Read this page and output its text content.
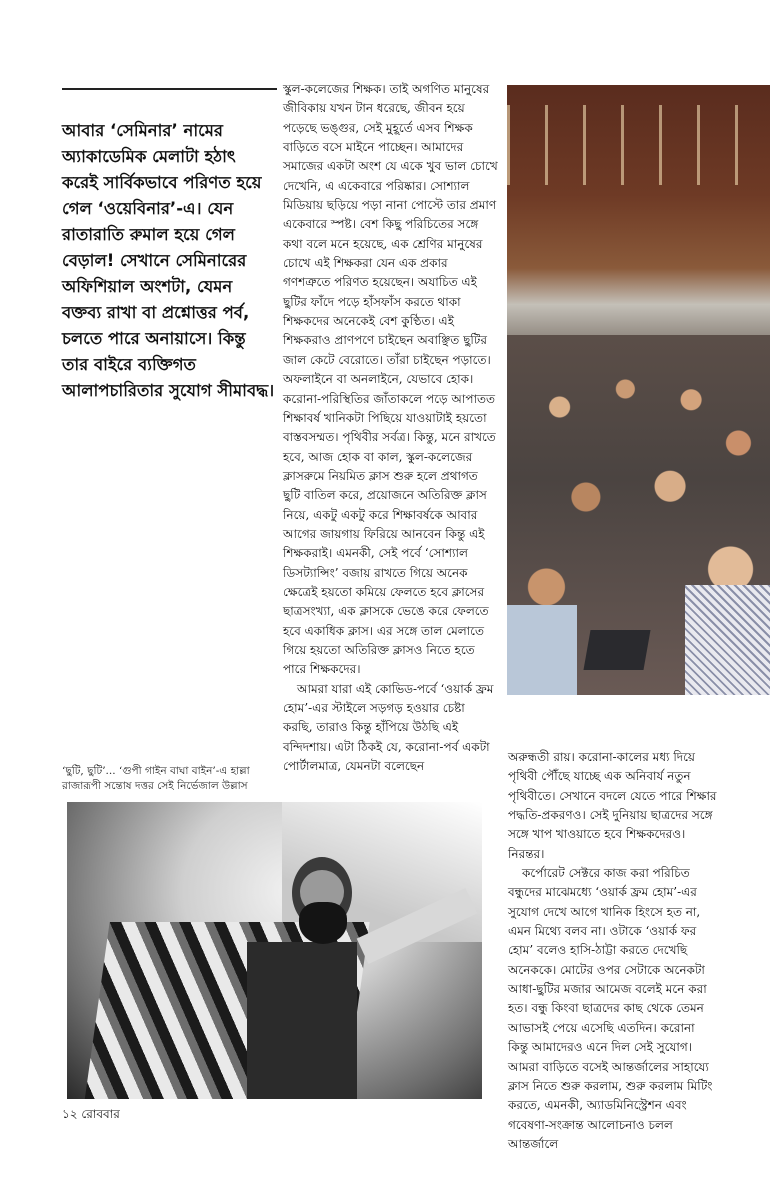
আবার ‘সেমিনার’ নামের অ্যাকাডেমিক মেলাটা হঠাৎ করেই সার্বিকভাবে পরিণত হয়ে গেল ‘ওয়েবিনার’-এ। যেন রাতারাতি রুমাল হয়ে গেল বেড়াল! সেখানে সেমিনারের অফিশিয়াল অংশটা, যেমন বক্তব্য রাখা বা প্রশ্নোত্তর পর্ব, চলতে পারে অনায়াসে। কিন্তু তার বাইরে ব্যক্তিগত আলাপচারিতার সুযোগ সীমাবদ্ধ।

স্কুল-কলেজের শিক্ষক। তাই অগণিত মানুষের জীবিকায় যখন টান ধরেছে, জীবন হয়ে পড়েছে ভঙ্গুর, সেই মুহূর্তে এসব শিক্ষক বাড়িতে বসে মাইনে পাচ্ছেন। আমাদের সমাজের একটা অংশ যে একে খুব ভাল চোখে দেখেনি, এ একেবারে পরিষ্কার। সোশ্যাল মিডিয়ায় ছড়িয়ে পড়া নানা পোস্টে তার প্রমাণ একেবারে স্পষ্ট। বেশ কিছু পরিচিতের সঙ্গে কথা বলে মনে হয়েছে, এক শ্রেণির মানুষের চোখে এই শিক্ষকরা যেন এক প্রকার গণশত্রুতে পরিণত হয়েছেন। অযাচিত এই ছুটির ফাঁদে পড়ে হাঁসফাঁস করতে থাকা শিক্ষকদের অনেকেই বেশ কুণ্ঠিত। এই শিক্ষকরাও প্রাণপণে চাইছেন অবাঞ্ছিত ছুটির জাল কেটে বেরোতে। তাঁরা চাইছেন পড়াতে। অফলাইনে বা অনলাইনে, যেভাবে হোক। করোনা-পরিস্থিতির জাঁতাকলে পড়ে আপাতত শিক্ষাবর্ষ খানিকটা পিছিয়ে যাওয়াটাই হয়তো বাস্তবসম্মত। পৃথিবীর সর্বত্র। কিন্তু, মনে রাখতে হবে, আজ হোক বা কাল, স্কুল-কলেজের ক্লাসরুমে নিয়মিত ক্লাস শুরু হলে প্রথাগত ছুটি বাতিল করে, প্রয়োজনে অতিরিক্ত ক্লাস নিয়ে, একটু একটু করে শিক্ষাবর্ষকে আবার আগের জায়গায় ফিরিয়ে আনবেন কিন্তু এই শিক্ষকরাই। এমনকী, সেই পর্বে ‘সোশ্যাল ডিসট্যান্সিং’ বজায় রাখতে গিয়ে অনেক ক্ষেত্রেই হয়তো কমিয়ে ফেলতে হবে ক্লাসের ছাত্রসংখ্যা, এক ক্লাসকে ভেঙে করে ফেলতে হবে একাধিক ক্লাস। এর সঙ্গে তাল মেলাতে গিয়ে হয়তো অতিরিক্ত ক্লাসও নিতে হতে পারে শিক্ষকদের।

আমরা যারা এই কোভিড-পর্বে ‘ওয়ার্ক ফ্রম হোম’-এর স্টাইলে সড়গড় হওয়ার চেষ্টা করছি, তারাও কিন্তু হাঁপিয়ে উঠছি এই বন্দিদশায়। এটা ঠিকই যে, করোনা-পর্ব একটা পোর্টালমাত্র, যেমনটা বলেছেন

‘ছুটি, ছুটি’... ‘গুপী গাইন বাঘা বাইন’-এ হাল্লা রাজারূপী সন্তোষ দত্তর সেই নির্ভেজাল উল্লাস

অরুন্ধতী রায়। করোনা-কালের মধ্য দিয়ে পৃথিবী পৌঁছে যাচ্ছে এক অনিবার্য নতুন পৃথিবীতে। সেখানে বদলে যেতে পারে শিক্ষার পদ্ধতি-প্রকরণও। সেই দুনিয়ায় ছাত্রদের সঙ্গে সঙ্গে খাপ খাওয়াতে হবে শিক্ষকদেরও। নিরন্তর।

কর্পোরেট সেক্টরে কাজ করা পরিচিত বন্ধুদের মাঝেমধ্যে ‘ওয়ার্ক ফ্রম হোম’-এর সুযোগ দেখে আগে খানিক হিংসে হত না, এমন মিথ্যে বলব না। ওটাকে ‘ওয়ার্ক ফর হোম’ বলেও হাসি-ঠাট্টা করতে দেখেছি অনেককে। মোটের ওপর সেটাকে অনেকটা আধা-ছুটির মজার আমেজ বলেই মনে করা হত। বন্ধু কিংবা ছাত্রদের কাছ থেকে তেমন আভাসই পেয়ে এসেছি এতদিন। করোনা কিন্তু আমাদেরও এনে দিল সেই সুযোগ। আমরা বাড়িতে বসেই আন্তর্জালের সাহায্যে ক্লাস নিতে শুরু করলাম, শুরু করলাম মিটিং করতে, এমনকী, অ্যাডমিনিস্ট্রেশন এবং গবেষণা-সংক্রান্ত আলোচনাও চলল আন্তর্জালে

১২ রোববার
